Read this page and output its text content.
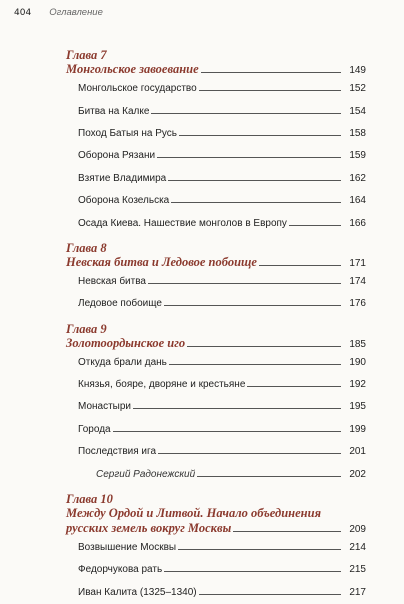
404 Оглавление
Глава 7
Монгольское завоевание	149
Монгольское государство	152
Битва на Калке	154
Поход Батыя на Русь	158
Оборона Рязани	159
Взятие Владимира	162
Оборона Козельска	164
Осада Киева. Нашествие монголов в Европу	166
Глава 8
Невская битва и Ледовое побоище	171
Невская битва	174
Ледовое побоище	176
Глава 9
Золотоордынское иго	185
Откуда брали дань	190
Князья, бояре, дворяне и крестьяне	192
Монастыри	195
Города	199
Последствия ига	201
Сергий Радонежский	202
Глава 10
Между Ордой и Литвой. Начало объединения
русских земель вокруг Москвы	209
Возвышение Москвы	214
Федорчукова рать	215
Иван Калита (1325–1340)	217
